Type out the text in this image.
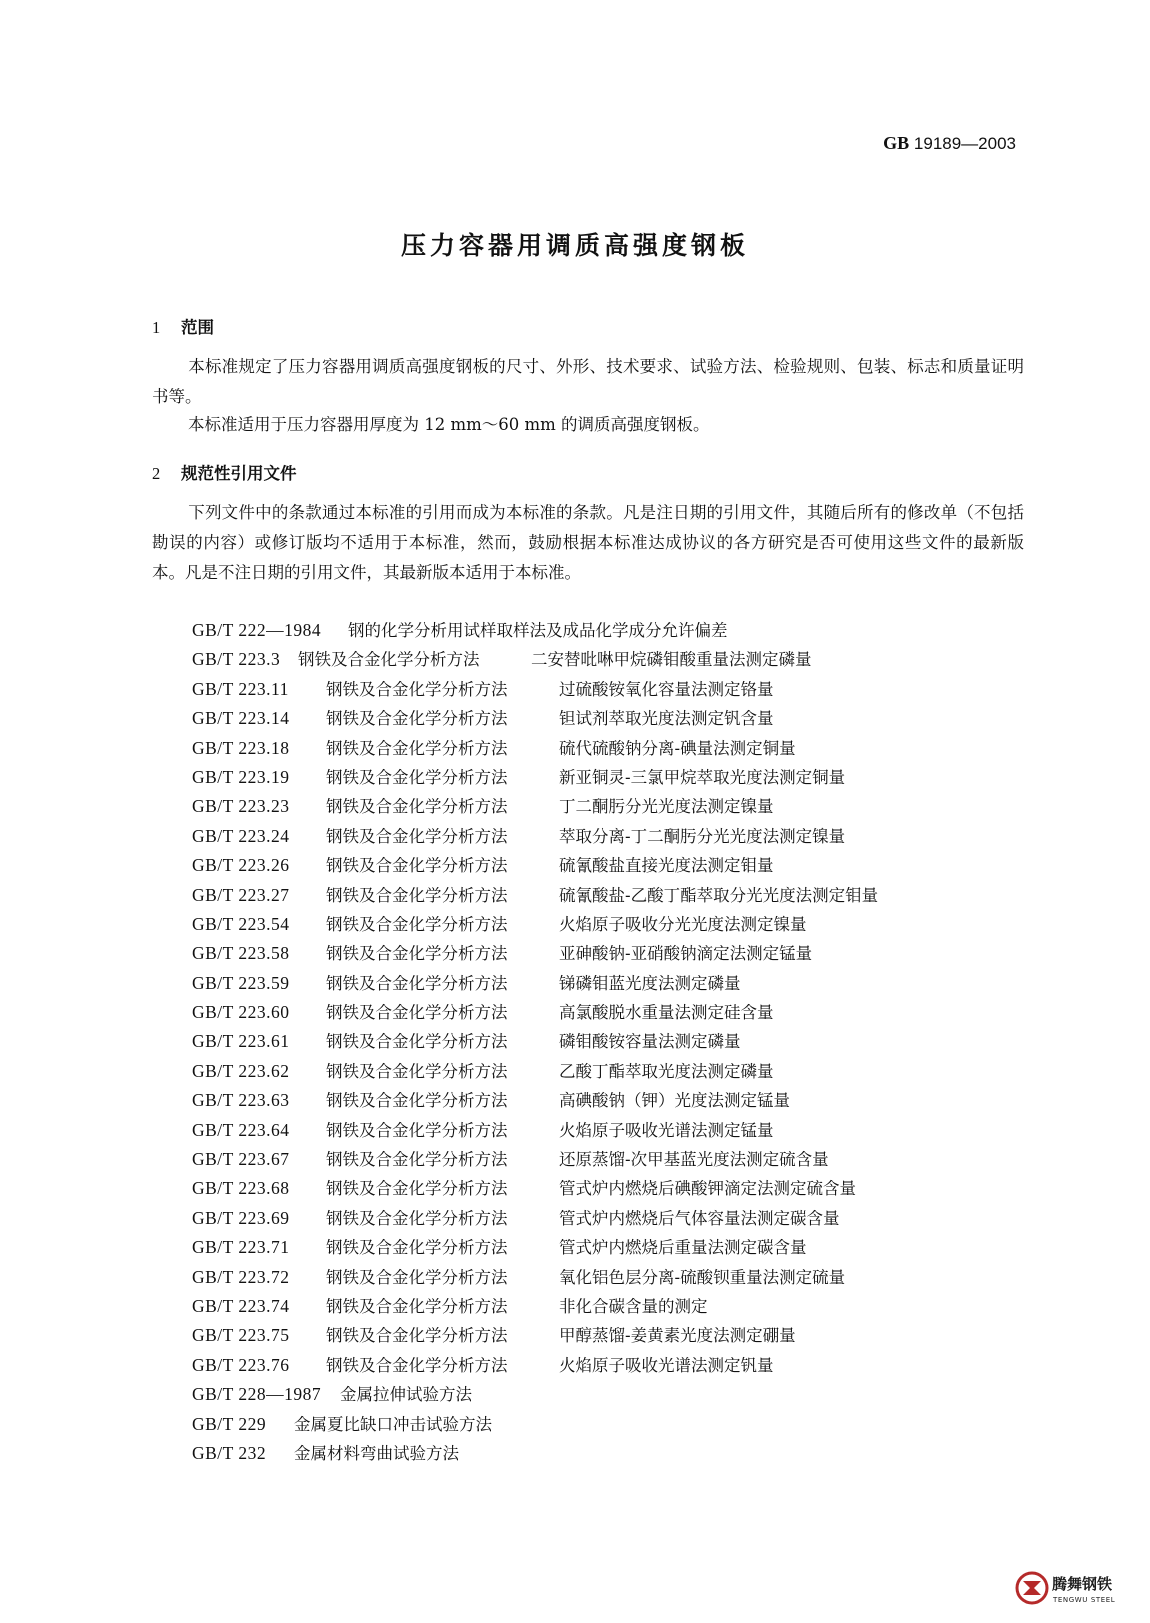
GB 19189—2003
压力容器用调质高强度钢板
1 范围
本标准规定了压力容器用调质高强度钢板的尺寸、外形、技术要求、试验方法、检验规则、包装、标志和质量证明书等。
本标准适用于压力容器用厚度为 12 mm～60 mm 的调质高强度钢板。
2 规范性引用文件
下列文件中的条款通过本标准的引用而成为本标准的条款。凡是注日期的引用文件，其随后所有的修改单（不包括勘误的内容）或修订版均不适用于本标准，然而，鼓励根据本标准达成协议的各方研究是否可使用这些文件的最新版本。凡是不注日期的引用文件，其最新版本适用于本标准。
GB/T 222—1984 钢的化学分析用试样取样法及成品化学成分允许偏差
GB/T 223.3 钢铁及合金化学分析方法	二安替吡啉甲烷磷钼酸重量法测定磷量
GB/T 223.11 钢铁及合金化学分析方法	过硫酸铵氧化容量法测定铬量
GB/T 223.14 钢铁及合金化学分析方法	钽试剂萃取光度法测定钒含量
GB/T 223.18 钢铁及合金化学分析方法	硫代硫酸钠分离-碘量法测定铜量
GB/T 223.19 钢铁及合金化学分析方法	新亚铜灵-三氯甲烷萃取光度法测定铜量
GB/T 223.23 钢铁及合金化学分析方法	丁二酮肟分光光度法测定镍量
GB/T 223.24 钢铁及合金化学分析方法	萃取分离-丁二酮肟分光光度法测定镍量
GB/T 223.26 钢铁及合金化学分析方法	硫氰酸盐直接光度法测定钼量
GB/T 223.27 钢铁及合金化学分析方法	硫氰酸盐-乙酸丁酯萃取分光光度法测定钼量
GB/T 223.54 钢铁及合金化学分析方法	火焰原子吸收分光光度法测定镍量
GB/T 223.58 钢铁及合金化学分析方法	亚砷酸钠-亚硝酸钠滴定法测定锰量
GB/T 223.59 钢铁及合金化学分析方法	锑磷钼蓝光度法测定磷量
GB/T 223.60 钢铁及合金化学分析方法	高氯酸脱水重量法测定硅含量
GB/T 223.61 钢铁及合金化学分析方法	磷钼酸铵容量法测定磷量
GB/T 223.62 钢铁及合金化学分析方法	乙酸丁酯萃取光度法测定磷量
GB/T 223.63 钢铁及合金化学分析方法	高碘酸钠（钾）光度法测定锰量
GB/T 223.64 钢铁及合金化学分析方法	火焰原子吸收光谱法测定锰量
GB/T 223.67 钢铁及合金化学分析方法	还原蒸馏-次甲基蓝光度法测定硫含量
GB/T 223.68 钢铁及合金化学分析方法	管式炉内燃烧后碘酸钾滴定法测定硫含量
GB/T 223.69 钢铁及合金化学分析方法	管式炉内燃烧后气体容量法测定碳含量
GB/T 223.71 钢铁及合金化学分析方法	管式炉内燃烧后重量法测定碳含量
GB/T 223.72 钢铁及合金化学分析方法	氧化铝色层分离-硫酸钡重量法测定硫量
GB/T 223.74 钢铁及合金化学分析方法	非化合碳含量的测定
GB/T 223.75 钢铁及合金化学分析方法	甲醇蒸馏-姜黄素光度法测定硼量
GB/T 223.76 钢铁及合金化学分析方法	火焰原子吸收光谱法测定钒量
GB/T 228—1987 金属拉伸试验方法
GB/T 229 金属夏比缺口冲击试验方法
GB/T 232 金属材料弯曲试验方法
腾舞钢铁
TENGWU STEEL
